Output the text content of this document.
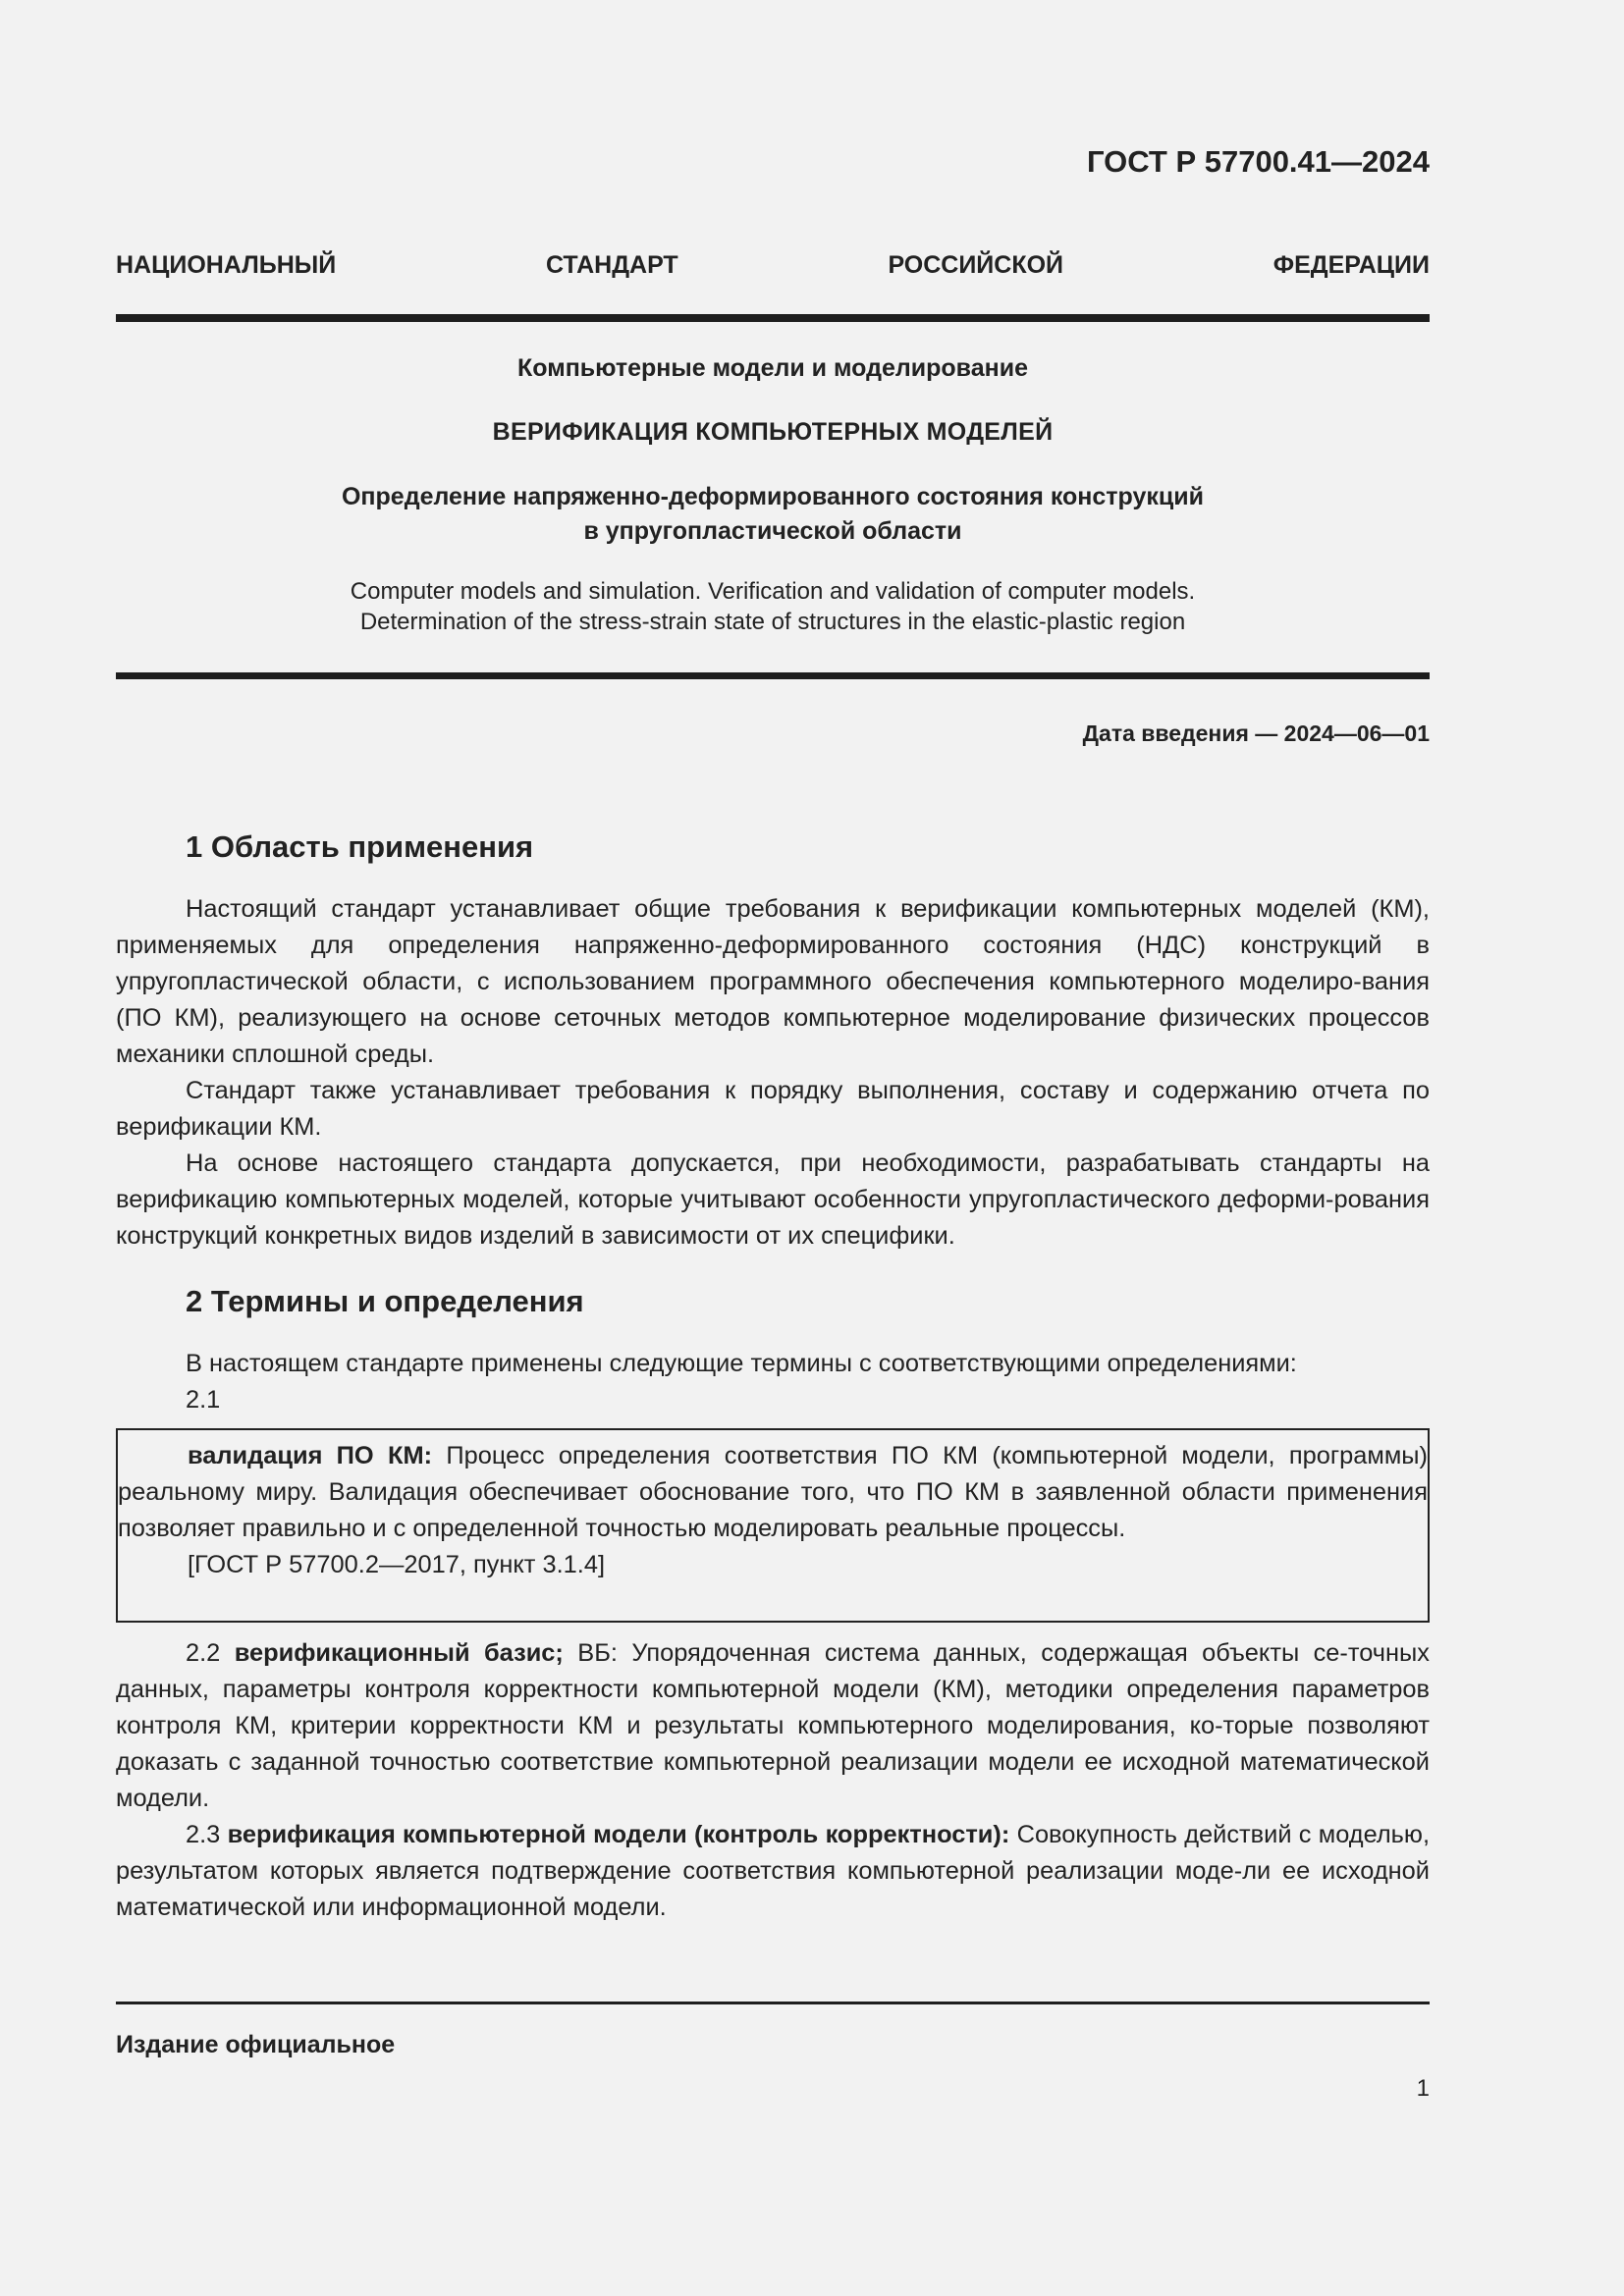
ГОСТ Р 57700.41—2024
НАЦИОНАЛЬНЫЙ СТАНДАРТ РОССИЙСКОЙ ФЕДЕРАЦИИ
Компьютерные модели и моделирование
ВЕРИФИКАЦИЯ КОМПЬЮТЕРНЫХ МОДЕЛЕЙ
Определение напряженно-деформированного состояния конструкций
в упругопластической области
Computer models and simulation. Verification and validation of computer models.
Determination of the stress-strain state of structures in the elastic-plastic region
Дата введения — 2024—06—01
1 Область применения

Настоящий стандарт устанавливает общие требования к верификации компьютерных моделей (КМ), применяемых для определения напряженно-деформированного состояния (НДС) конструкций в упругопластической области, с использованием программного обеспечения компьютерного моделиро-вания (ПО КМ), реализующего на основе сеточных методов компьютерное моделирование физических процессов механики сплошной среды.

Стандарт также устанавливает требования к порядку выполнения, составу и содержанию отчета по верификации КМ.

На основе настоящего стандарта допускается, при необходимости, разрабатывать стандарты на верификацию компьютерных моделей, которые учитывают особенности упругопластического деформи-рования конструкций конкретных видов изделий в зависимости от их специфики.

2 Термины и определения

В настоящем стандарте применены следующие термины с соответствующими определениями:

2.1

валидация ПО КМ: Процесс определения соответствия ПО КМ (компьютерной модели, программы) реальному миру. Валидация обеспечивает обоснование того, что ПО КМ в заявленной области применения позволяет правильно и с определенной точностью моделировать реальные процессы.

[ГОСТ Р 57700.2—2017, пункт 3.1.4]

2.2 верификационный базис; ВБ: Упорядоченная система данных, содержащая объекты се-точных данных, параметры контроля корректности компьютерной модели (КМ), методики определения параметров контроля КМ, критерии корректности КМ и результаты компьютерного моделирования, ко-торые позволяют доказать с заданной точностью соответствие компьютерной реализации модели ее исходной математической модели.

2.3 верификация компьютерной модели (контроль корректности): Совокупность действий с моделью, результатом которых является подтверждение соответствия компьютерной реализации моде-ли ее исходной математической или информационной модели.

Издание официальное
1
